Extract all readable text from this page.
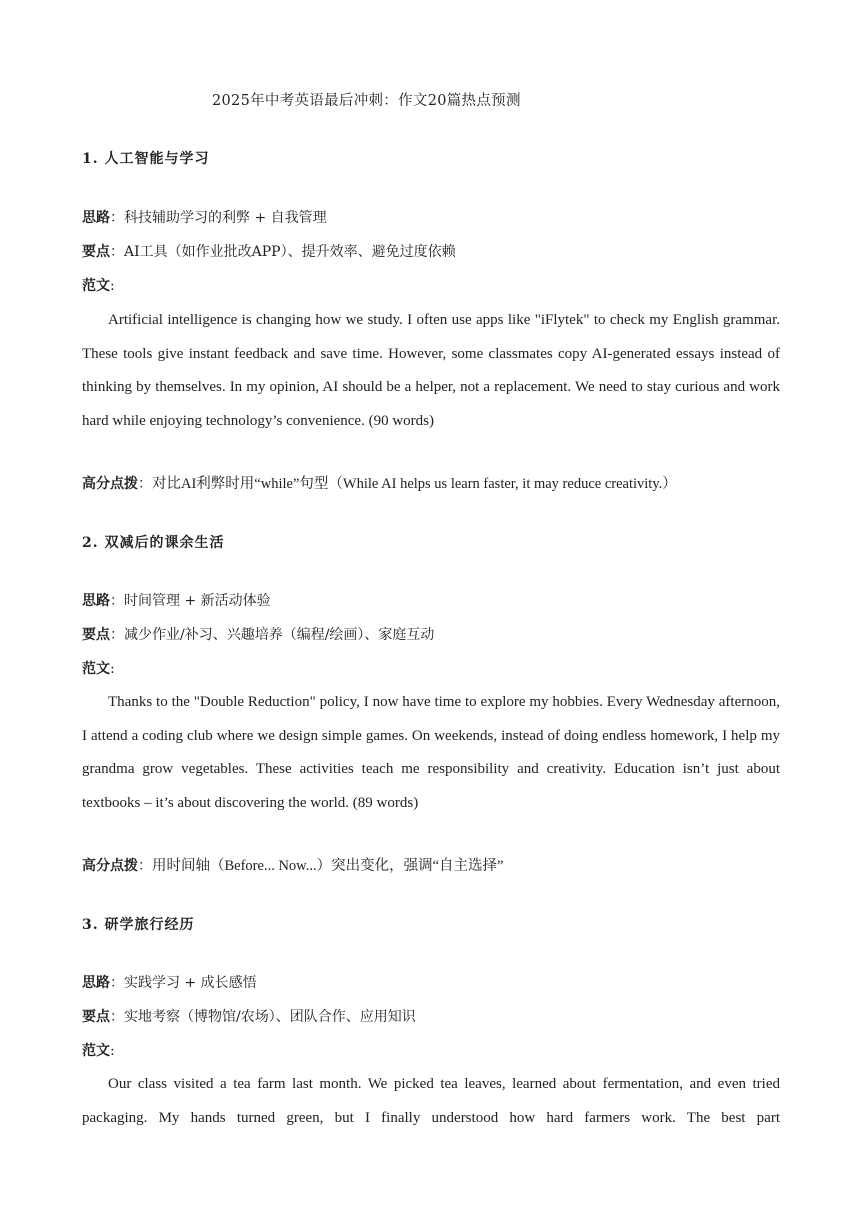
2025年中考英语最后冲刺：作文20篇热点预测
1. 人工智能与学习
思路：科技辅助学习的利弊 + 自我管理
要点：AI工具（如作业批改APP）、提升效率、避免过度依赖
范文:

Artificial intelligence is changing how we study. I often use apps like "iFlytek" to check my English grammar. These tools give instant feedback and save time. However, some classmates copy AI-generated essays instead of thinking by themselves. In my opinion, AI should be a helper, not a replacement. We need to stay curious and work hard while enjoying technology’s convenience. (90 words)

高分点拨：对比AI利弊时用“while”句型（While AI helps us learn faster, it may reduce creativity.）
2. 双减后的课余生活
思路：时间管理 + 新活动体验
要点：减少作业/补习、兴趣培养（编程/绘画）、家庭互动
范文:

Thanks to the "Double Reduction" policy, I now have time to explore my hobbies. Every Wednesday afternoon, I attend a coding club where we design simple games. On weekends, instead of doing endless homework, I help my grandma grow vegetables. These activities teach me responsibility and creativity. Education isn’t just about textbooks – it’s about discovering the world. (89 words)

高分点拨：用时间轴（Before... Now...）突出变化，强调“自主选择”
3. 研学旅行经历
思路：实践学习 + 成长感悟
要点：实地考察（博物馆/农场）、团队合作、应用知识
范文:

Our class visited a tea farm last month. We picked tea leaves, learned about fermentation, and even tried packaging. My hands turned green, but I finally understood how hard farmers work. The best part
